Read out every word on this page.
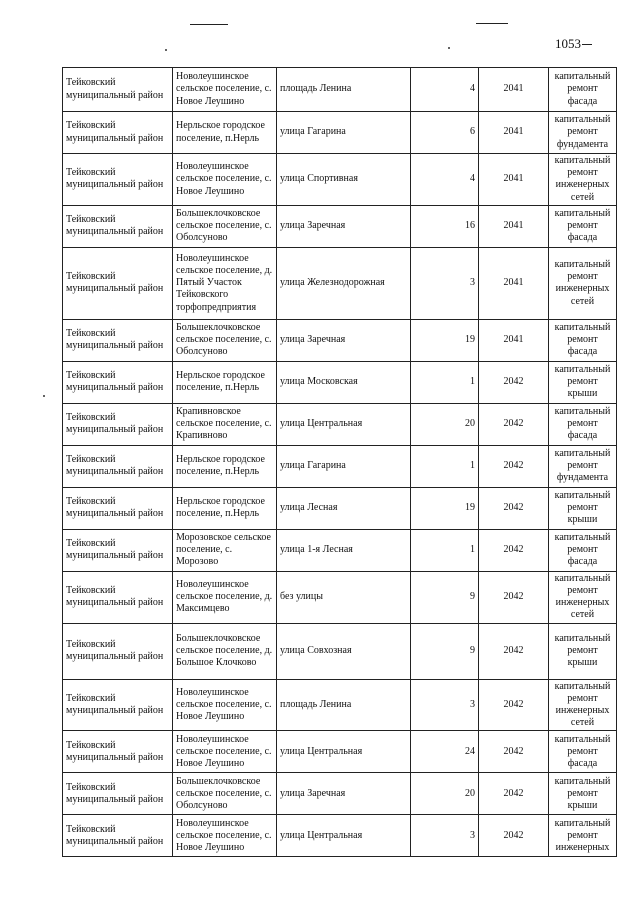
1053
Тейковский муниципальный район	Новолеушинское сельское поселение, с. Новое Леушино	площадь Ленина	4	2041	капитальный ремонт фасада
Тейковский муниципальный район	Нерльское городское поселение, п.Нерль	улица Гагарина	6	2041	капитальный ремонт фундамента
Тейковский муниципальный район	Новолеушинское сельское поселение, с. Новое Леушино	улица Спортивная	4	2041	капитальный ремонт инженерных сетей
Тейковский муниципальный район	Большеклочковское сельское поселение, с. Оболсуново	улица Заречная	16	2041	капитальный ремонт фасада
Тейковский муниципальный район	Новолеушинское сельское поселение, д. Пятый Участок Тейковского торфопредприятия	улица Железнодорожная	3	2041	капитальный ремонт инженерных сетей
Тейковский муниципальный район	Большеклочковское сельское поселение, с. Оболсуново	улица Заречная	19	2041	капитальный ремонт фасада
Тейковский муниципальный район	Нерльское городское поселение, п.Нерль	улица Московская	1	2042	капитальный ремонт крыши
Тейковский муниципальный район	Крапивновское сельское поселение, с. Крапивново	улица Центральная	20	2042	капитальный ремонт фасада
Тейковский муниципальный район	Нерльское городское поселение, п.Нерль	улица Гагарина	1	2042	капитальный ремонт фундамента
Тейковский муниципальный район	Нерльское городское поселение, п.Нерль	улица Лесная	19	2042	капитальный ремонт крыши
Тейковский муниципальный район	Морозовское сельское поселение, с. Морозово	улица 1-я Лесная	1	2042	капитальный ремонт фасада
Тейковский муниципальный район	Новолеушинское сельское поселение, д. Максимцево	без улицы	9	2042	капитальный ремонт инженерных сетей
Тейковский муниципальный район	Большеклочковское сельское поселение, д. Большое Клочково	улица Совхозная	9	2042	капитальный ремонт крыши
Тейковский муниципальный район	Новолеушинское сельское поселение, с. Новое Леушино	площадь Ленина	3	2042	капитальный ремонт инженерных сетей
Тейковский муниципальный район	Новолеушинское сельское поселение, с. Новое Леушино	улица Центральная	24	2042	капитальный ремонт фасада
Тейковский муниципальный район	Большеклочковское сельское поселение, с. Оболсуново	улица Заречная	20	2042	капитальный ремонт крыши
Тейковский муниципальный район	Новолеушинское сельское поселение, с. Новое Леушино	улица Центральная	3	2042	капитальный ремонт инженерных
